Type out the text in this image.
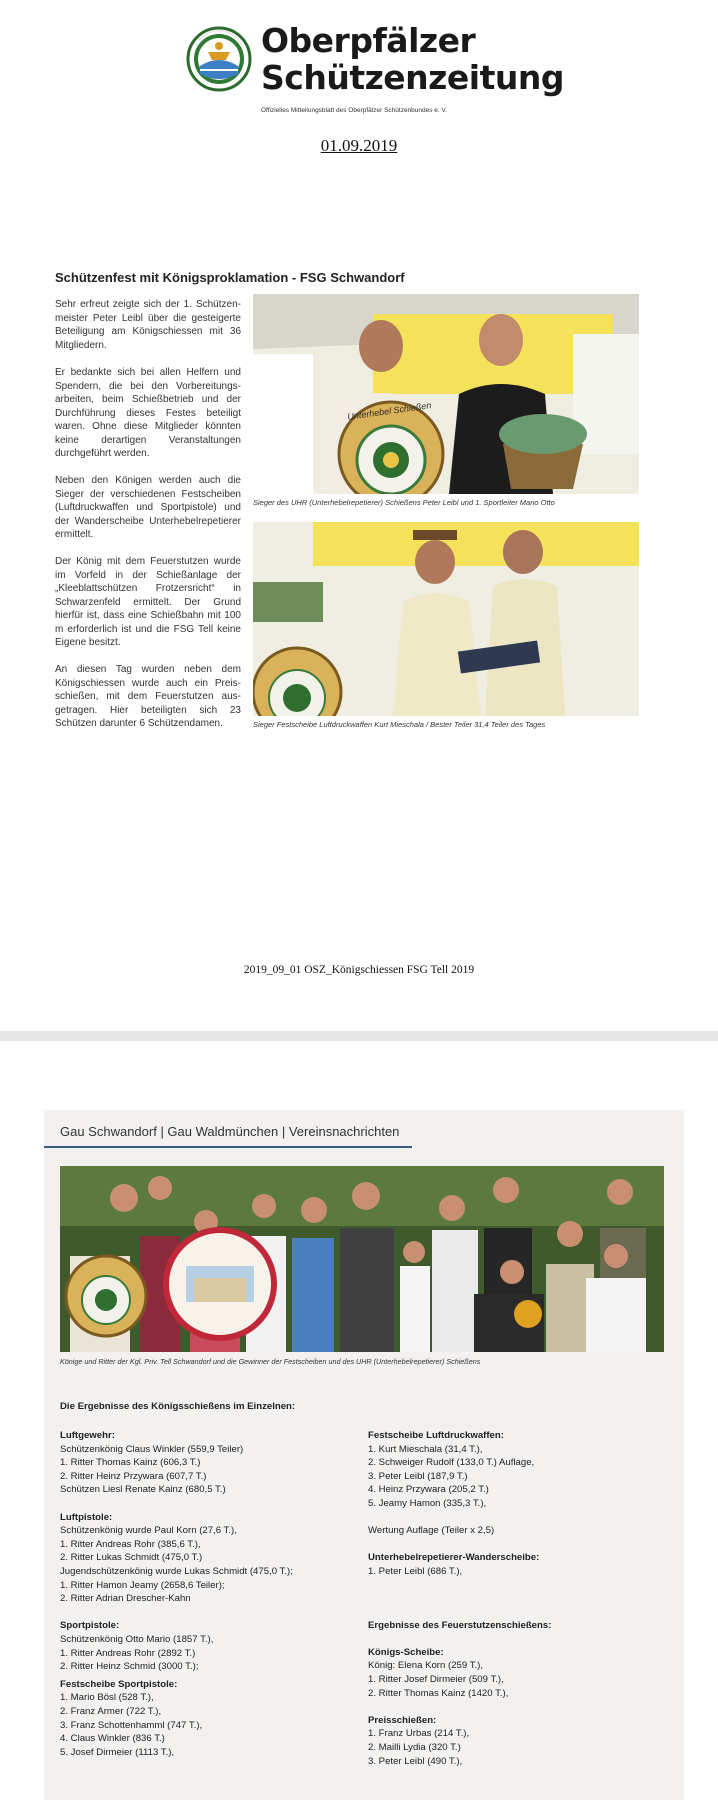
Oberpfälzer
Schützenzeitung
Offizielles Mitteilungsblatt des Oberpfälzer Schützenbundes e. V.
01.09.2019
Schützenfest mit Königsproklamation - FSG Schwandorf
Sehr erfreut zeigte sich der 1. Schützenmeister Peter Leibl über die gesteigerte Beteiligung am Königschiessen mit 36 Mitgliedern.
Er bedankte sich bei allen Helfern und Spendern, die bei den Vorbereitungsarbeiten, beim Schießbetrieb und der Durchführung dieses Festes beteiligt waren. Ohne diese Mitglieder könnten keine derartigen Veranstaltungen durchgeführt werden.
Neben den Königen werden auch die Sieger der verschiedenen Festscheiben (Luftdruckwaffen und Sportpistole) und der Wanderscheibe Unterhebelrepetierer ermittelt.
Der König mit dem Feuerstutzen wurde im Vorfeld in der Schießanlage der „Kleeblattschützen Frotzersricht“ in Schwarzenfeld ermittelt. Der Grund hierfür ist, dass eine Schießbahn mit 100 m erforderlich ist und die FSG Tell keine Eigene besitzt.
An diesen Tag wurden neben dem Königschiessen wurde auch ein Preisschießen, mit dem Feuerstutzen ausgetragen. Hier beteiligten sich 23 Schützen darunter 6 Schützendamen.
Unterhebel Schießen
Sieger des UHR (Unterhebelrepetierer) Schießens Peter Leibl und 1. Sportleiter Mario Otto
Sieger Festscheibe Luftdruckwaffen Kurt Mieschala / Bester Teiler 31,4 Teiler des Tages
2019_09_01 OSZ_Königschiessen FSG Tell 2019
Gau Schwandorf | Gau Waldmünchen | Vereinsnachrichten
Könige und Ritter der Kgl. Priv. Tell Schwandorf und die Gewinner der Festscheiben und des UHR (Unterhebelrepetierer) Schießens
Die Ergebnisse des Königsschießens im Einzelnen:
Luftgewehr:
Schützenkönig Claus Winkler (559,9 Teiler)
1. Ritter Thomas Kainz (606,3 T.)
2. Ritter Heinz Przywara (607,7 T.)
Schützen Liesl Renate Kainz (680,5 T.)
Luftpistole:
Schützenkönig wurde Paul Korn (27,6 T.),
1. Ritter Andreas Rohr (385,6 T.),
2. Ritter Lukas Schmidt (475,0 T.)
Jugendschützenkönig wurde Lukas Schmidt (475,0 T.);
1. Ritter Hamon Jeamy (2658,6 Teiler);
2. Ritter Adrian Drescher-Kahn
Sportpistole:
Schützenkönig Otto Mario (1857 T.),
1. Ritter Andreas Rohr (2892 T.)
2. Ritter Heinz Schmid (3000 T.);
Festscheibe Sportpistole:
1. Mario Bösl (528 T.),
2. Franz Armer (722 T.),
3. Franz Schottenhamml (747 T.),
4. Claus Winkler (836 T.)
5. Josef Dirmeier (1113 T.),
Festscheibe Luftdruckwaffen:
1. Kurt Mieschala (31,4 T.),
2. Schweiger Rudolf (133,0 T.) Auflage,
3. Peter Leibl (187,9 T.)
4. Heinz Przywara (205,2 T.)
5. Jeamy Hamon (335,3 T.),
Wertung Auflage (Teiler x 2,5)
Unterhebelrepetierer-Wanderscheibe:
1. Peter Leibl (686 T.),
Ergebnisse des Feuerstutzenschießens:
Königs-Scheibe:
König: Elena Korn (259 T.),
1. Ritter Josef Dirmeier (509 T.),
2. Ritter Thomas Kainz (1420 T.),
Preisschießen:
1. Franz Urbas (214 T.),
2. Mailli Lydia (320 T.)
3. Peter Leibl (490 T.),
